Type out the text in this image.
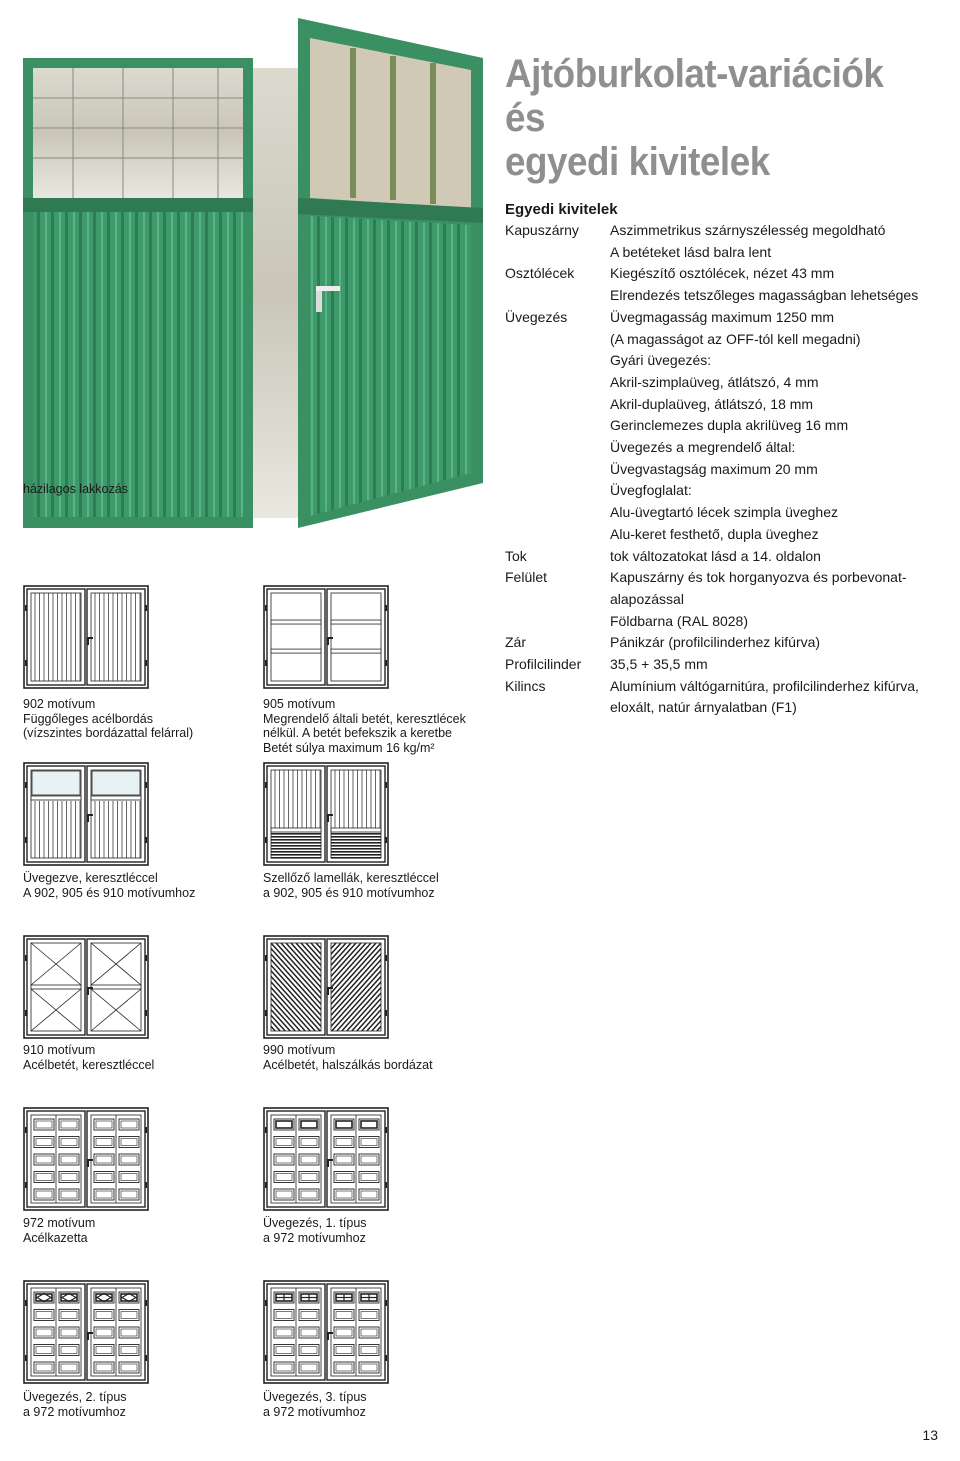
Ajtóburkolat-variációk és
egyedi kivitelek
házilagos lakkozás
Egyedi kivitelek
Kapuszárny	Aszimmetrikus szárnyszélesség megoldható
A betéteket lásd balra lent
Osztólécek	Kiegészítő osztólécek, nézet 43 mm
Elrendezés tetszőleges magasságban lehetséges
Üvegezés	Üvegmagasság maximum 1250 mm
(A magasságot az OFF-tól kell megadni)
Gyári üvegezés:
Akril-szimplaüveg, átlátszó, 4 mm
Akril-duplaüveg, átlátszó, 18 mm
Gerinclemezes dupla akrilüveg 16 mm
Üvegezés a megrendelő által:
Üvegvastagság maximum 20 mm
Üvegfoglalat:
Alu-üvegtartó lécek szimpla üveghez
Alu-keret festhető, dupla üveghez
Tok	tok változatokat lásd a 14. oldalon
Felület	Kapuszárny és tok horganyozva és porbevonat-
alapozással
Földbarna (RAL 8028)
Zár	Pánikzár (profilcilinderhez kifúrva)
Profilcilinder	35,5 + 35,5 mm
Kilincs	Alumínium váltógarnitúra, profilcilinderhez kifúrva,
eloxált, natúr árnyalatban (F1)
902 motívum
Függőleges acélbordás
(vízszintes bordázattal felárral)
905 motívum
Megrendelő általi betét, keresztlécek
nélkül. A betét befekszik a keretbe
Betét súlya maximum 16 kg/m²
Üvegezve, keresztléccel
A 902, 905 és 910 motívumhoz
Szellőző lamellák, keresztléccel
a 902, 905 és 910 motívumhoz
910 motívum
Acélbetét, keresztléccel
990 motívum
Acélbetét, halszálkás bordázat
972 motívum
Acélkazetta
Üvegezés, 1. típus
a 972 motívumhoz
Üvegezés, 2. típus
a 972 motívumhoz
Üvegezés, 3. típus
a 972 motívumhoz
13
